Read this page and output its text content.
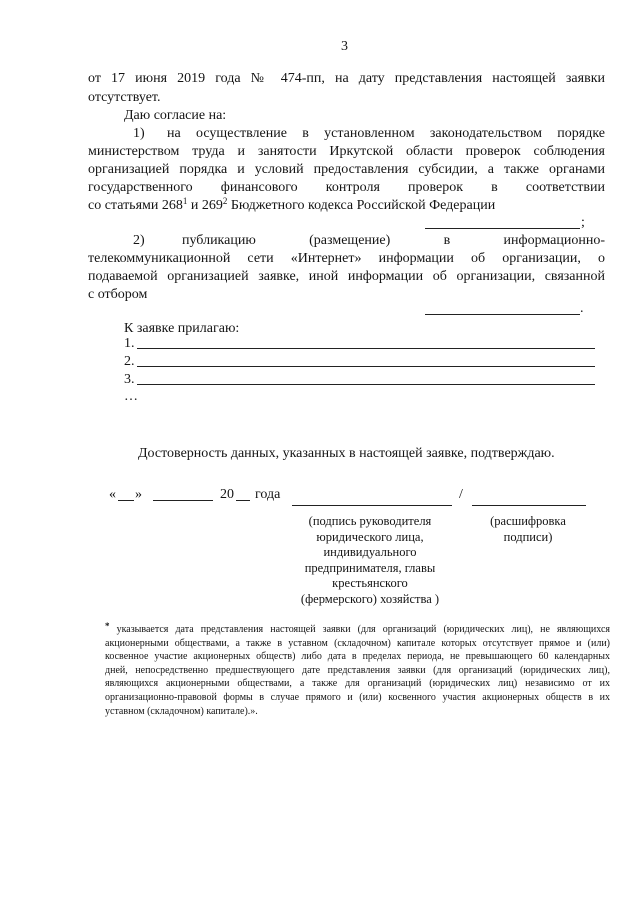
3
от 17 июня 2019 года № 474-пп, на дату представления настоящей заявки
отсутствует.
Даю согласие на:
1) на осуществление в установленном законодательством порядке
министерством труда и занятости Иркутской области проверок соблюдения
организацией порядка и условий предоставления субсидии, а также органами
государственного финансового контроля проверок в соответствии
со статьями $268^1$ и $269^2$ Бюджетного кодекса Российской Федерации
;
2)	публикацию (размещение) в информационно-
телекоммуникационной сети «Интернет» информации об организации, о
подаваемой организацией заявке, иной информации об организации, связанной
с отбором
.
К заявке прилагаю:
1.
2.
3.
…
Достоверность данных, указанных в настоящей заявке, подтверждаю.
« »	20 года	/
(подпись руководителя юридического лица, индивидуального предпринимателя, главы крестьянского (фермерского) хозяйства )
(расшифровка подписи)
* указывается дата представления настоящей заявки (для организаций (юридических лиц), не являющихся
акционерными обществами, а также в уставном (складочном) капитале которых отсутствует прямое и (или)
косвенное участие акционерных обществ) либо дата в пределах периода, не превышающего 60 календарных
дней, непосредственно предшествующего дате представления заявки (для организаций (юридических лиц),
являющихся акционерными обществами, а также для организаций (юридических лиц) независимо от их
организационно-правовой формы в случае прямого и (или) косвенного участия акционерных обществ в их
уставном (складочном) капитале).».
